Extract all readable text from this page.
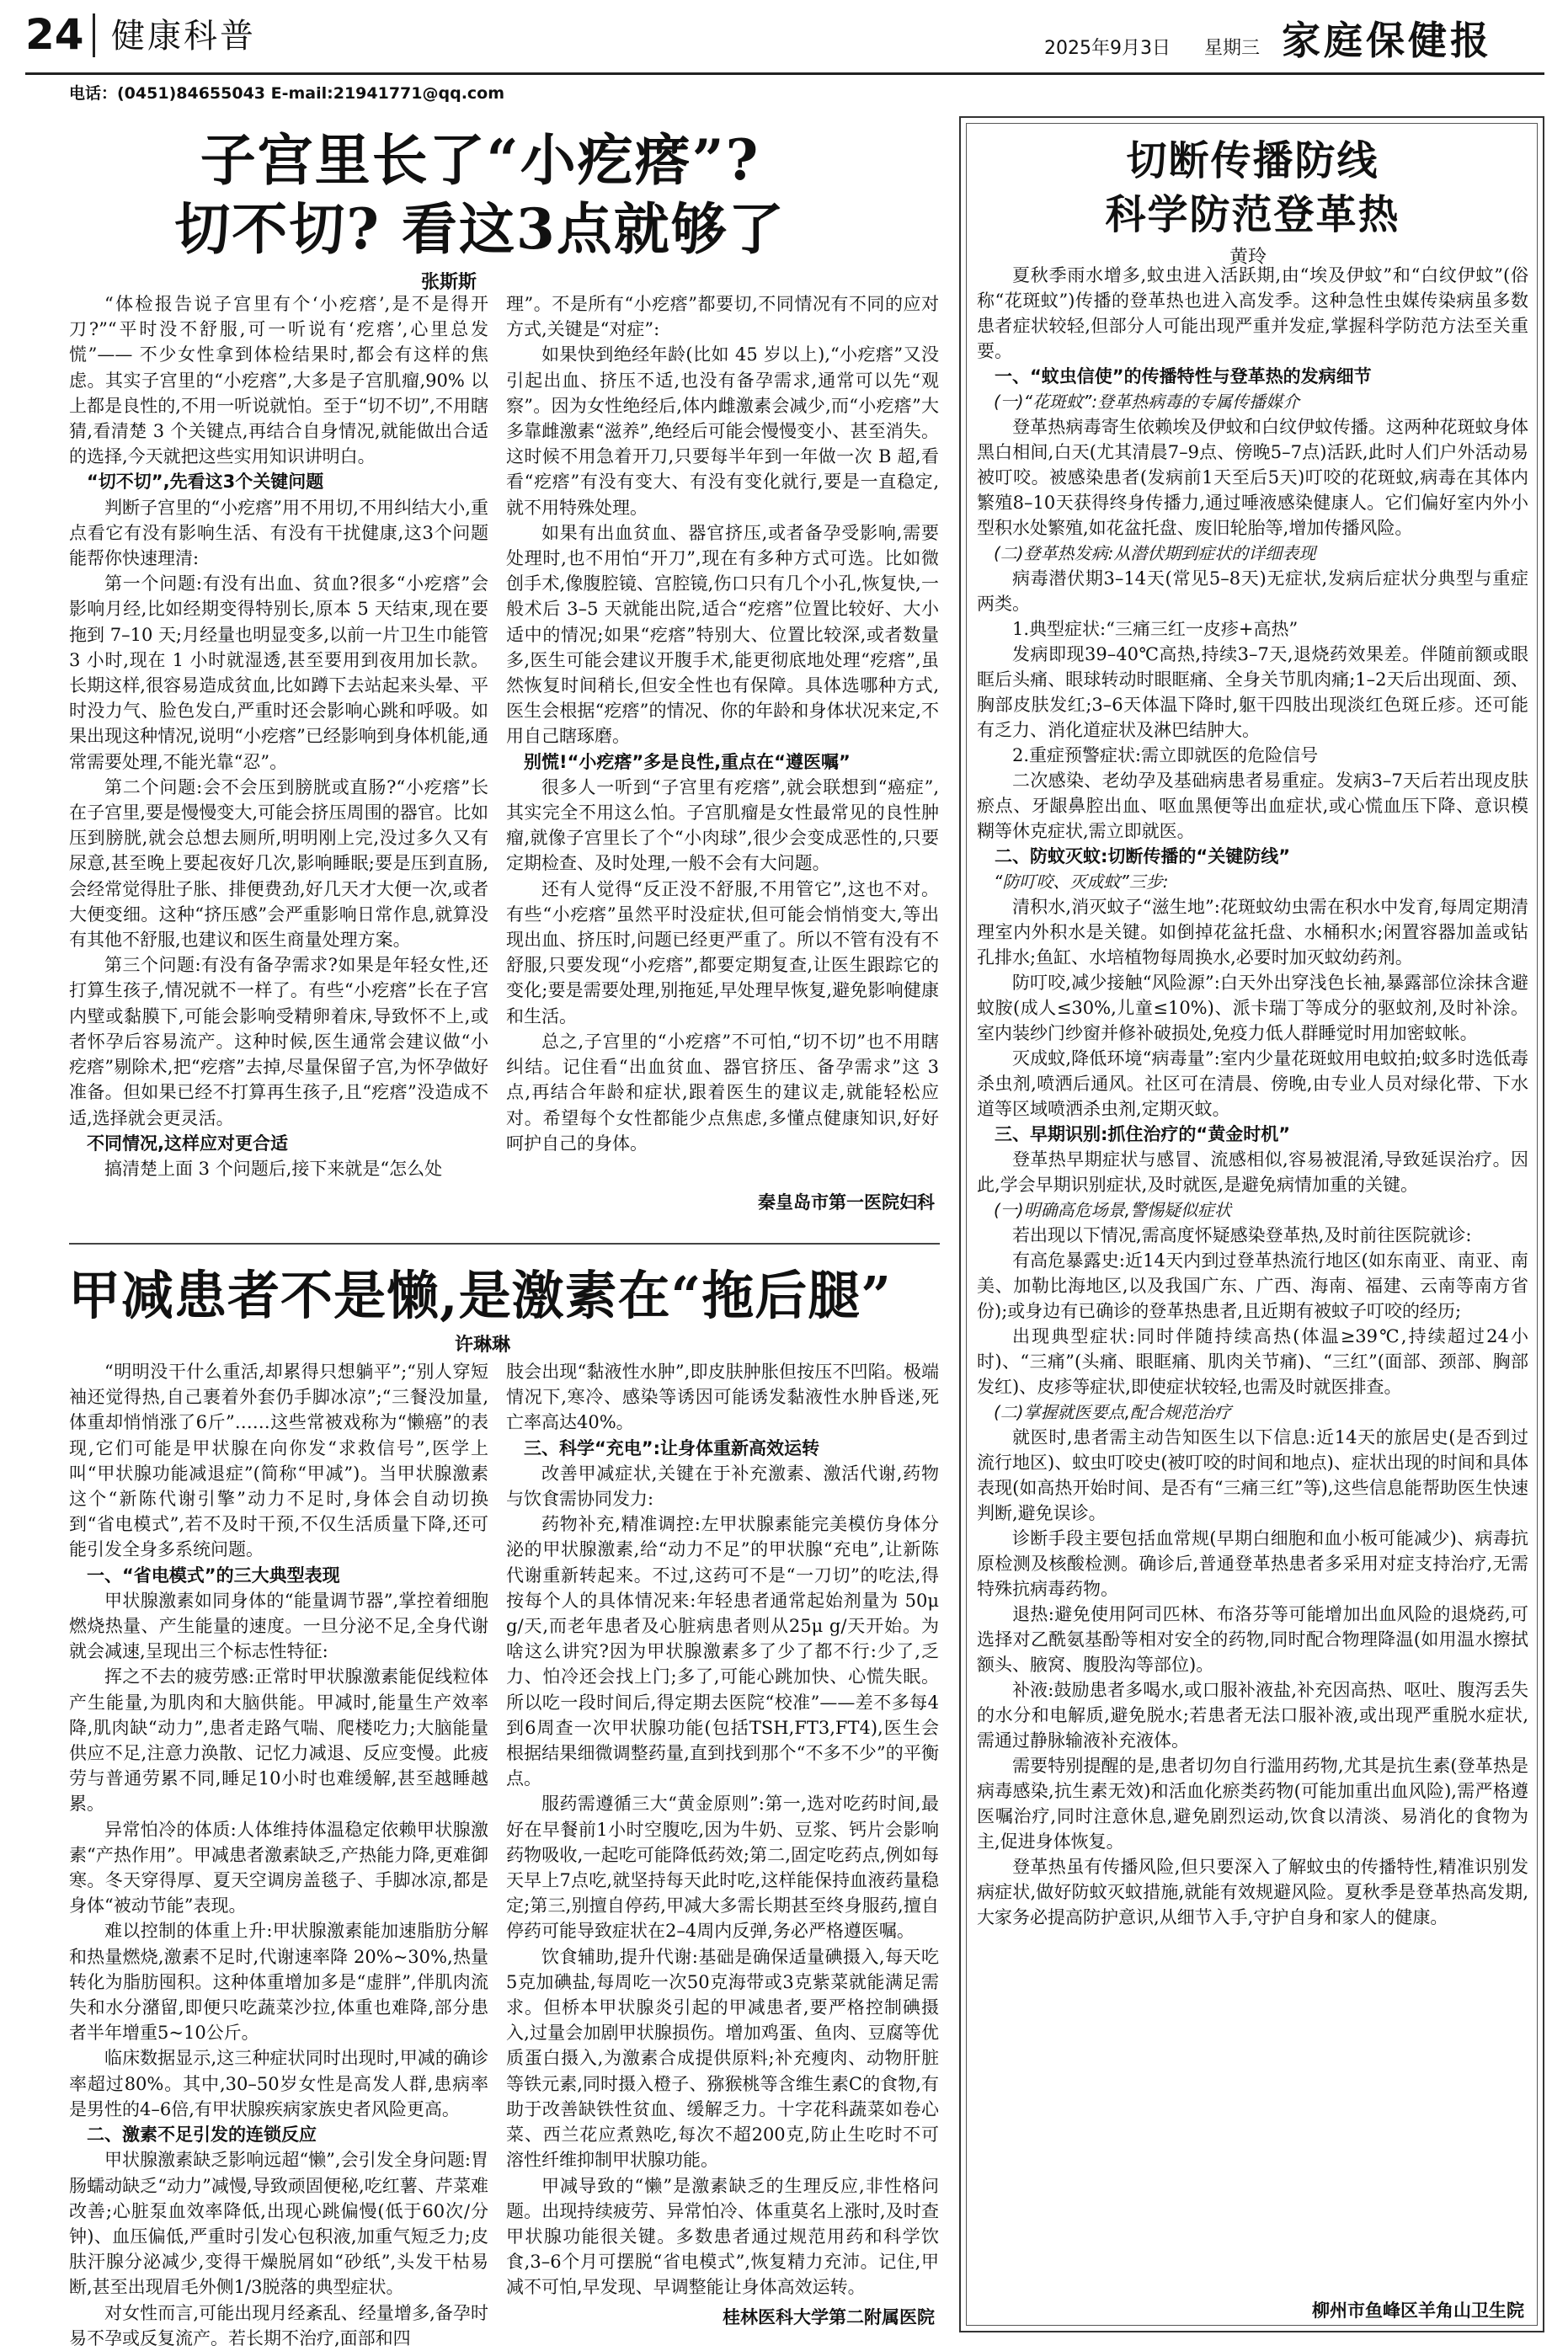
24 健康科普	2025年9月3日 星期三 家庭保健报
电话：(0451)84655043 E-mail:21941771@qq.com
子宫里长了“小疙瘩”?
切不切? 看这3点就够了
张斯斯

“体检报告说子宫里有个‘小疙瘩’,是不是得开刀?”“平时没不舒服,可一听说有‘疙瘩’,心里总发慌”—— 不少女性拿到体检结果时,都会有这样的焦虑。其实子宫里的“小疙瘩”,大多是子宫肌瘤,90% 以上都是良性的,不用一听说就怕。至于“切不切”,不用瞎猜,看清楚 3 个关键点,再结合自身情况,就能做出合适的选择,今天就把这些实用知识讲明白。

“切不切”,先看这3个关键问题

判断子宫里的“小疙瘩”用不用切,不用纠结大小,重点看它有没有影响生活、有没有干扰健康,这3个问题能帮你快速理清:

第一个问题:有没有出血、贫血?很多“小疙瘩”会影响月经,比如经期变得特别长,原本 5 天结束,现在要拖到 7–10 天;月经量也明显变多,以前一片卫生巾能管 3 小时,现在 1 小时就湿透,甚至要用到夜用加长款。长期这样,很容易造成贫血,比如蹲下去站起来头晕、平时没力气、脸色发白,严重时还会影响心跳和呼吸。如果出现这种情况,说明“小疙瘩”已经影响到身体机能,通常需要处理,不能光靠“忍”。

第二个问题:会不会压到膀胱或直肠?“小疙瘩”长在子宫里,要是慢慢变大,可能会挤压周围的器官。比如压到膀胱,就会总想去厕所,明明刚上完,没过多久又有尿意,甚至晚上要起夜好几次,影响睡眠;要是压到直肠,会经常觉得肚子胀、排便费劲,好几天才大便一次,或者大便变细。这种“挤压感”会严重影响日常作息,就算没有其他不舒服,也建议和医生商量处理方案。

第三个问题:有没有备孕需求?如果是年轻女性,还打算生孩子,情况就不一样了。有些“小疙瘩”长在子宫内壁或黏膜下,可能会影响受精卵着床,导致怀不上,或者怀孕后容易流产。这种时候,医生通常会建议做“小疙瘩”剔除术,把“疙瘩”去掉,尽量保留子宫,为怀孕做好准备。但如果已经不打算再生孩子,且“疙瘩”没造成不适,选择就会更灵活。

不同情况,这样应对更合适

搞清楚上面 3 个问题后,接下来就是“怎么处

理”。不是所有“小疙瘩”都要切,不同情况有不同的应对方式,关键是“对症”:

如果快到绝经年龄(比如 45 岁以上),“小疙瘩”又没引起出血、挤压不适,也没有备孕需求,通常可以先“观察”。因为女性绝经后,体内雌激素会减少,而“小疙瘩”大多靠雌激素“滋养”,绝经后可能会慢慢变小、甚至消失。这时候不用急着开刀,只要每半年到一年做一次 B 超,看看“疙瘩”有没有变大、有没有变化就行,要是一直稳定,就不用特殊处理。

如果有出血贫血、器官挤压,或者备孕受影响,需要处理时,也不用怕“开刀”,现在有多种方式可选。比如微创手术,像腹腔镜、宫腔镜,伤口只有几个小孔,恢复快,一般术后 3–5 天就能出院,适合“疙瘩”位置比较好、大小适中的情况;如果“疙瘩”特别大、位置比较深,或者数量多,医生可能会建议开腹手术,能更彻底地处理“疙瘩”,虽然恢复时间稍长,但安全性也有保障。具体选哪种方式,医生会根据“疙瘩”的情况、你的年龄和身体状况来定,不用自己瞎琢磨。

别慌!“小疙瘩”多是良性,重点在“遵医嘱”

很多人一听到“子宫里有疙瘩”,就会联想到“癌症”,其实完全不用这么怕。子宫肌瘤是女性最常见的良性肿瘤,就像子宫里长了个“小肉球”,很少会变成恶性的,只要定期检查、及时处理,一般不会有大问题。

还有人觉得“反正没不舒服,不用管它”,这也不对。有些“小疙瘩”虽然平时没症状,但可能会悄悄变大,等出现出血、挤压时,问题已经更严重了。所以不管有没有不舒服,只要发现“小疙瘩”,都要定期复查,让医生跟踪它的变化;要是需要处理,别拖延,早处理早恢复,避免影响健康和生活。

总之,子宫里的“小疙瘩”不可怕,“切不切”也不用瞎纠结。记住看“出血贫血、器官挤压、备孕需求”这 3 点,再结合年龄和症状,跟着医生的建议走,就能轻松应对。希望每个女性都能少点焦虑,多懂点健康知识,好好呵护自己的身体。

秦皇岛市第一医院妇科
甲减患者不是懒,是激素在“拖后腿”
许琳琳

“明明没干什么重活,却累得只想躺平”;“别人穿短袖还觉得热,自己裹着外套仍手脚冰凉”;“三餐没加量,体重却悄悄涨了6斤”……这些常被戏称为“懒癌”的表现,它们可能是甲状腺在向你发“求救信号”,医学上叫“甲状腺功能减退症”(简称“甲减”)。当甲状腺激素这个“新陈代谢引擎”动力不足时,身体会自动切换到“省电模式”,若不及时干预,不仅生活质量下降,还可能引发全身多系统问题。

一、“省电模式”的三大典型表现

甲状腺激素如同身体的“能量调节器”,掌控着细胞燃烧热量、产生能量的速度。一旦分泌不足,全身代谢就会减速,呈现出三个标志性特征:

挥之不去的疲劳感:正常时甲状腺激素能促线粒体产生能量,为肌肉和大脑供能。甲减时,能量生产效率降,肌肉缺“动力”,患者走路气喘、爬楼吃力;大脑能量供应不足,注意力涣散、记忆力减退、反应变慢。此疲劳与普通劳累不同,睡足10小时也难缓解,甚至越睡越累。

异常怕冷的体质:人体维持体温稳定依赖甲状腺激素“产热作用”。甲减患者激素缺乏,产热能力降,更难御寒。冬天穿得厚、夏天空调房盖毯子、手脚冰凉,都是身体“被动节能”表现。

难以控制的体重上升:甲状腺激素能加速脂肪分解和热量燃烧,激素不足时,代谢速率降 20%~30%,热量转化为脂肪囤积。这种体重增加多是“虚胖”,伴肌肉流失和水分潴留,即便只吃蔬菜沙拉,体重也难降,部分患者半年增重5~10公斤。

临床数据显示,这三种症状同时出现时,甲减的确诊率超过80%。其中,30–50岁女性是高发人群,患病率是男性的4–6倍,有甲状腺疾病家族史者风险更高。

二、激素不足引发的连锁反应

甲状腺激素缺乏影响远超“懒”,会引发全身问题:胃肠蠕动缺乏“动力”减慢,导致顽固便秘,吃红薯、芹菜难改善;心脏泵血效率降低,出现心跳偏慢(低于60次/分钟)、血压偏低,严重时引发心包积液,加重气短乏力;皮肤汗腺分泌减少,变得干燥脱屑如“砂纸”,头发干枯易断,甚至出现眉毛外侧1/3脱落的典型症状。

对女性而言,可能出现月经紊乱、经量增多,备孕时易不孕或反复流产。若长期不治疗,面部和四

肢会出现“黏液性水肿”,即皮肤肿胀但按压不凹陷。极端情况下,寒冷、感染等诱因可能诱发黏液性水肿昏迷,死亡率高达40%。

三、科学“充电”:让身体重新高效运转

改善甲减症状,关键在于补充激素、激活代谢,药物与饮食需协同发力:

药物补充,精准调控:左甲状腺素能完美模仿身体分泌的甲状腺激素,给“动力不足”的甲状腺“充电”,让新陈代谢重新转起来。不过,这药可不是“一刀切”的吃法,得按每个人的具体情况来:年轻患者通常起始剂量为 50μ g/天,而老年患者及心脏病患者则从25μ g/天开始。为啥这么讲究?因为甲状腺激素多了少了都不行:少了,乏力、怕冷还会找上门;多了,可能心跳加快、心慌失眠。所以吃一段时间后,得定期去医院“校准”——差不多每4到6周查一次甲状腺功能(包括TSH,FT3,FT4),医生会根据结果细微调整药量,直到找到那个“不多不少”的平衡点。

服药需遵循三大“黄金原则”:第一,选对吃药时间,最好在早餐前1小时空腹吃,因为牛奶、豆浆、钙片会影响药物吸收,一起吃可能降低药效;第二,固定吃药点,例如每天早上7点吃,就坚持每天此时吃,这样能保持血液药量稳定;第三,别擅自停药,甲减大多需长期甚至终身服药,擅自停药可能导致症状在2–4周内反弹,务必严格遵医嘱。

饮食辅助,提升代谢:基础是确保适量碘摄入,每天吃5克加碘盐,每周吃一次50克海带或3克紫菜就能满足需求。但桥本甲状腺炎引起的甲减患者,要严格控制碘摄入,过量会加剧甲状腺损伤。增加鸡蛋、鱼肉、豆腐等优质蛋白摄入,为激素合成提供原料;补充瘦肉、动物肝脏等铁元素,同时摄入橙子、猕猴桃等含维生素C的食物,有助于改善缺铁性贫血、缓解乏力。十字花科蔬菜如卷心菜、西兰花应煮熟吃,每次不超200克,防止生吃时不可溶性纤维抑制甲状腺功能。

甲减导致的“懒”是激素缺乏的生理反应,非性格问题。出现持续疲劳、异常怕冷、体重莫名上涨时,及时查甲状腺功能很关键。多数患者通过规范用药和科学饮食,3–6个月可摆脱“省电模式”,恢复精力充沛。记住,甲减不可怕,早发现、早调整能让身体高效运转。

桂林医科大学第二附属医院
切断传播防线
科学防范登革热
黄玲

夏秋季雨水增多,蚊虫进入活跃期,由“埃及伊蚊”和“白纹伊蚊”(俗称“花斑蚊”)传播的登革热也进入高发季。这种急性虫媒传染病虽多数患者症状较轻,但部分人可能出现严重并发症,掌握科学防范方法至关重要。

一、“蚊虫信使”的传播特性与登革热的发病细节

(一)“花斑蚊”:登革热病毒的专属传播媒介

登革热病毒寄生依赖埃及伊蚊和白纹伊蚊传播。这两种花斑蚊身体黑白相间,白天(尤其清晨7–9点、傍晚5–7点)活跃,此时人们户外活动易被叮咬。被感染患者(发病前1天至后5天)叮咬的花斑蚊,病毒在其体内繁殖8–10天获得终身传播力,通过唾液感染健康人。它们偏好室内外小型积水处繁殖,如花盆托盘、废旧轮胎等,增加传播风险。

(二)登革热发病:从潜伏期到症状的详细表现

病毒潜伏期3–14天(常见5–8天)无症状,发病后症状分典型与重症两类。

1.典型症状:“三痛三红一皮疹+高热”

发病即现39–40℃高热,持续3–7天,退烧药效果差。伴随前额或眼眶后头痛、眼球转动时眼眶痛、全身关节肌肉痛;1–2天后出现面、颈、胸部皮肤发红;3–6天体温下降时,躯干四肢出现淡红色斑丘疹。还可能有乏力、消化道症状及淋巴结肿大。

2.重症预警症状:需立即就医的危险信号

二次感染、老幼孕及基础病患者易重症。发病3–7天后若出现皮肤瘀点、牙龈鼻腔出血、呕血黑便等出血症状,或心慌血压下降、意识模糊等休克症状,需立即就医。

二、防蚊灭蚊:切断传播的“关键防线”

“防叮咬、灭成蚊”三步:

清积水,消灭蚊子“滋生地”:花斑蚊幼虫需在积水中发育,每周定期清理室内外积水是关键。如倒掉花盆托盘、水桶积水;闲置容器加盖或钻孔排水;鱼缸、水培植物每周换水,必要时加灭蚊幼药剂。

防叮咬,减少接触“风险源”:白天外出穿浅色长袖,暴露部位涂抹含避蚊胺(成人≤30%,儿童≤10%)、派卡瑞丁等成分的驱蚊剂,及时补涂。室内装纱门纱窗并修补破损处,免疫力低人群睡觉时用加密蚊帐。

灭成蚊,降低环境“病毒量”:室内少量花斑蚊用电蚊拍;蚊多时选低毒杀虫剂,喷洒后通风。社区可在清晨、傍晚,由专业人员对绿化带、下水道等区域喷洒杀虫剂,定期灭蚊。

三、早期识别:抓住治疗的“黄金时机”

登革热早期症状与感冒、流感相似,容易被混淆,导致延误治疗。因此,学会早期识别症状,及时就医,是避免病情加重的关键。

(一)明确高危场景,警惕疑似症状

若出现以下情况,需高度怀疑感染登革热,及时前往医院就诊:

有高危暴露史:近14天内到过登革热流行地区(如东南亚、南亚、南美、加勒比海地区,以及我国广东、广西、海南、福建、云南等南方省份);或身边有已确诊的登革热患者,且近期有被蚊子叮咬的经历;

出现典型症状:同时伴随持续高热(体温≥39℃,持续超过24小时)、“三痛”(头痛、眼眶痛、肌肉关节痛)、“三红”(面部、颈部、胸部发红)、皮疹等症状,即使症状较轻,也需及时就医排查。

(二)掌握就医要点,配合规范治疗

就医时,患者需主动告知医生以下信息:近14天的旅居史(是否到过流行地区)、蚊虫叮咬史(被叮咬的时间和地点)、症状出现的时间和具体表现(如高热开始时间、是否有“三痛三红”等),这些信息能帮助医生快速判断,避免误诊。

诊断手段主要包括血常规(早期白细胞和血小板可能减少)、病毒抗原检测及核酸检测。确诊后,普通登革热患者多采用对症支持治疗,无需特殊抗病毒药物。

退热:避免使用阿司匹林、布洛芬等可能增加出血风险的退烧药,可选择对乙酰氨基酚等相对安全的药物,同时配合物理降温(如用温水擦拭额头、腋窝、腹股沟等部位)。

补液:鼓励患者多喝水,或口服补液盐,补充因高热、呕吐、腹泻丢失的水分和电解质,避免脱水;若患者无法口服补液,或出现严重脱水症状,需通过静脉输液补充液体。

需要特别提醒的是,患者切勿自行滥用药物,尤其是抗生素(登革热是病毒感染,抗生素无效)和活血化瘀类药物(可能加重出血风险),需严格遵医嘱治疗,同时注意休息,避免剧烈运动,饮食以清淡、易消化的食物为主,促进身体恢复。

登革热虽有传播风险,但只要深入了解蚊虫的传播特性,精准识别发病症状,做好防蚊灭蚊措施,就能有效规避风险。夏秋季是登革热高发期,大家务必提高防护意识,从细节入手,守护自身和家人的健康。

柳州市鱼峰区羊角山卫生院
